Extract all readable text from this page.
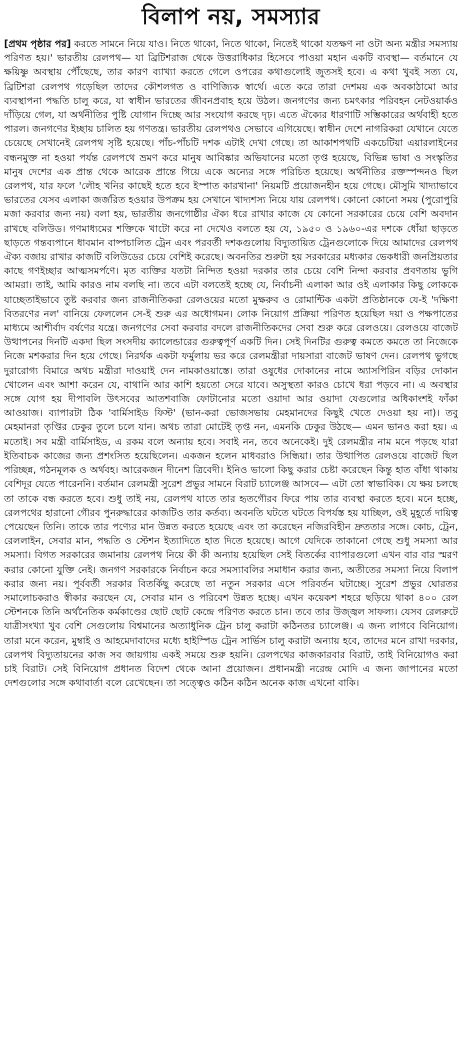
বিলাপ নয়, সমস্যার

[প্রথম পৃষ্ঠার পর] করতে সামনে নিয়ে যাও। নিতে থাকো, নিতে থাকো, নিতেই থাকো যতক্ষণ না ওটা অন্য মন্ত্রীর সমস্যায় পরিণত হয়।' ভারতীয় রেলপথ— যা ব্রিটিশরাজ থেকে উত্তরাধিকার হিসেবে পাওয়া মহান একটি ব্যবস্থা— বর্তমানে যে ক্ষয়িষ্ণু অবস্থায় পৌঁছেছে, তার কারণ ব্যাখ্যা করতে গেলে ওপরের কথাগুলোই জুতসই হবে। এ কথা খুবই সত্য যে, ব্রিটিশরা রেলপথ গড়েছিল তাদের কৌশলগত ও বাণিজ্যিক স্বার্থে। এতে করে তারা দেশময় এক অবকাঠামো আর ব্যবস্থাপনা পদ্ধতি চালু করে, যা স্বাধীন ভারতের জীবনপ্রবাহ হয়ে উঠল। জনগণের জন্য চমৎকার পরিবহন নেটওয়ার্কও দাঁড়িয়ে গেল, যা অর্থনীতির পুষ্টি যোগান দিচ্ছে আর সংযোগ করছে দৃঢ়। এতে ঐক্যের ধারণাটি সম্ভিকারের অর্থবাহী হতে পারল। জনগণের ইচ্ছায় চালিত হয় গণতন্ত্র। ভারতীয় রেলপথও সেভাবে এগিয়েছে। স্বাধীন দেশে নাগরিকরা যেখানে যেতে চেয়েছে সেখানেই রেলপথ সৃষ্টি হয়েছে। পাঁচ-পাঁচটি দশক এটাই দেখা গেছে। তা আকাশপথটি একচেটিয়া এয়ারলাইনের বন্ধনমুক্ত না হওয়া পর্যন্ত রেলপথে ভ্রমণ করে মানুষ আবিষ্কার অভিযানের মতো তৃপ্ত হয়েছে, বিভিন্ন ভাষা ও সংস্কৃতির মানুষ দেশের এক প্রান্ত থেকে আরেক প্রান্তে গিয়ে একে অন্যের সঙ্গে পরিচিত হয়েছে। অর্থনীতির রক্তস্পন্দনও ছিল রেলপথ, যার ফলে 'লৌহ খনির কাছেই হতে হবে ইস্পাত কারখানা' নিয়মটি প্রয়োজনহীন হয়ে গেছে। মৌসুমি খাদ্যাভাবে ভারতের যেসব এলাকা জর্জরিত হওয়ার উপক্রম হয় সেখানে খাদ্যশস্য নিয়ে যায় রেলপথ। কোনো কোনো সময় (পুরোপুরি মজা করবার জন্য নয়) বলা হয়, ভারতীয় জনগোষ্ঠীর ঐক্য ধরে রাখার কাজে যে কোনো সরকারের চেয়ে বেশি অবদান রাখছে বলিউড। গণমাধ্যমের শক্তিকে খাটো করে না দেখেও বলতে হয় যে, ১৯৫০ ও ১৯৬০-এর দশকে ধোঁয়া ছাড়তে ছাড়তে গন্তব্যপানে ধাবমান বাষ্পচালিত ট্রেন এবং পরবর্তী দশকগুলোয় বিদ্যুতায়িত ট্রেনগুলোকে দিয়ে আমাদের রেলপথ ঐক্য বজায় রাখার কাজটি বলিউডের চেয়ে বেশিই করেছে। অবনতির শুরুটা হয় সরকারের মধ্যকার ভেকধারী জনপ্রিয়তার কাছে গণইচ্ছার আত্মসমর্পণে। মৃত ব্যক্তির যতটা নিন্দিত হওয়া দরকার তার চেয়ে বেশি নিন্দা করবার প্রবণতায় ভুগি আমরা। তাই, আমি কারও নাম বলছি না। তবে এটা বলতেই হচ্ছে যে, নির্বাচনী এলাকা আর ওই এলাকার কিছু লোককে যাচ্ছেতাইভাবে তুষ্ট করবার জন্য রাজনীতিকরা রেলওয়ের মতো মুক্ষরুব ও রোমান্টিক একটা প্রতিষ্ঠানকে যে-ই 'দক্ষিণা বিতরণের নল' বানিয়ে ফেললেন সে-ই শুরু এর অধোগমন। লোক নিয়োগ প্রক্রিয়া পরিণত হয়েছিল দয়া ও পক্ষপাতের মাধ্যমে আশীর্বাদ বর্ষণের যন্ত্রে। জনগণের সেবা করবার বদলে রাজনীতিকদের সেবা শুরু করে রেলওয়ে। রেলওয়ে বাজেট উত্থাপনের দিনটি একদা ছিল সংসদীয় ক্যালেন্ডারের গুরুত্বপূর্ণ একটি দিন। সেই দিনটির গুরুত্ব কমতে কমতে তা নিজেকে নিজে মশকরার দিন হয়ে গেছে। নিরর্থক একটা ফর্মুলায় ভর করে রেলমন্ত্রীরা দায়সারা বাজেট ভাষণ দেন। রেলপথ ভুগছে দুরারোগ্য বিমারে অথচ মন্ত্রীরা দাওয়াই দেন নামকাওয়াস্তে। তারা ওষুধের দোকানের নামে অ্যাসপিরিন বড়ির দোকান খোলেন এবং আশা করেন যে, বাথানি আর কাশি হয়তো সেরে যাবে। অসুস্থতা কারও চোখে ধরা পড়বে না। এ অবস্থার সঙ্গে যোগ হয় দীপাবলি উৎসবের আতশবাজি ফোটানোর মতো ওয়াদা আর ওয়াদা যেগুলোর অধিকাংশই ফাঁকা আওয়াজ। ব্যাপারটা ঠিক 'বার্মিসাইড ফিস্ট' (ভান-করা ভোজসভায় মেহমানদের কিছুই খেতে দেওয়া হয় না)। তবু মেহমানরা তৃপ্তির ঢেকুর তুলে চলে যান। অথচ তারা মোটেই তৃপ্ত নন, এমনকি ঢেকুর উঠছে— এমন ভানও করা হয়। এ মতোই। সব মন্ত্রী বার্মিসাইড, এ রকম বলে অন্যায় হবে। সবাই নন, তবে অনেকেই। দুই রেলমন্ত্রীর নাম মনে পড়ছে যারা ইতিবাচক কাজের জন্য প্রশংসিত হয়েছিলেন। একজন হলেন মাধবরাও সিন্ধিয়া। তার উত্থাপিত রেলওয়ে বাজেট ছিল পরিচ্ছন্ন, গঠনমূলক ও অর্থবহ। আরেকজন দীনেশ ত্রিবেদী। ইনিও ভালো কিছু করার চেষ্টা করেছেন কিন্তু হাত বাঁধা থাকায় বেশিদূর যেতে পারেননি। বর্তমান রেলমন্ত্রী সুরেশ প্রভুর সামনে বিরাট চ্যালেঞ্জ আসবে— এটা তো স্বাভাবিক। যে ক্ষয় চলছে তা তাকে বন্ধ করতে হবে। শুধু তাই নয়, রেলপথ যাতে তার হৃতগৌরব ফিরে পায় তার ব্যবস্থা করতে হবে। মনে হচ্ছে, রেলপথের হারানো গৌরব পুনরুদ্ধারের কাজটিও তার কর্তব্য। অবনতি ঘটতে ঘটতে বিপর্যস্ত হয় যাচ্ছিল, ওই মুহূর্তে দায়িত্ব পেয়েছেন তিনি। তাকে তার পণ্যের মান উন্নত করতে হয়েছে এবং তা করেছেন নজিরবিহীন দ্রুততার সঙ্গে। কোচ, ট্রেন, রেললাইন, সেবার মান, পদ্ধতি ও স্টেশন ইত্যাদিতে হাত দিতে হয়েছে। আগে যেদিকে তাকানো গেছে শুধু সমস্যা আর সমস্যা। বিগত সরকারের জমানায় রেলপথ নিয়ে কী কী অন্যায় হয়েছিল সেই বিতর্কের ব্যাপারগুলো এখন বার বার স্মরণ করার কোনো যুক্তি নেই। জনগণ সরকারকে নির্বাচন করে সমস্যাবলির সমাধান করার জন্য, অতীতের সমস্যা নিয়ে বিলাপ করার জন্য নয়। পূর্ববর্তী সরকার বিতর্কিছু করেছে তা নতুন সরকার এসে পরিবর্তন ঘটাচ্ছে। সুরেশ প্রভুর ঘোরতর সমালোচকরাও স্বীকার করছেন যে, সেবার মান ও পরিবেশ উন্নত হচ্ছে। এখন কয়েকশ শহরে ছড়িয়ে থাকা ৪০০ রেল স্টেশনকে তিনি অর্থনৈতিক কর্মকাণ্ডের ছোট ছোট কেন্দ্রে পরিণত করতে চান। তবে তার উজ্জ্বল সাফল্য। যেসব রেলরুটে যাত্রীসংখ্যা খুব বেশি সেগুলোয় বিশ্বমানের অত্যাধুনিক ট্রেন চালু করাটা কঠিনতর চ্যালেঞ্জ। এ জন্য লাগবে বিনিয়োগ। তারা মনে করেন, মুম্বাই ও আহমেদাবাদের মধ্যে হাইস্পিড ট্রেন সার্ভিস চালু করাটা অন্যায় হবে, তাদের মনে রাখা দরকার, রেলপথ বিদ্যুতায়নের কাজ সব জায়গায় একই সময়ে শুরু হয়নি। রেলপথের কাজকারবার বিরাট, তাই বিনিয়োগও করা চাই বিরাট। সেই বিনিয়োগ প্রধানত বিদেশ থেকে আনা প্রয়োজন। প্রধানমন্ত্রী নরেন্দ্র মোদি এ জন্য জাপানের মতো দেশগুলোর সঙ্গে কথাবার্তা বলে রেখেছেন। তা সত্ত্বেও কঠিন কঠিন অনেক কাজ এখনো বাকি।
